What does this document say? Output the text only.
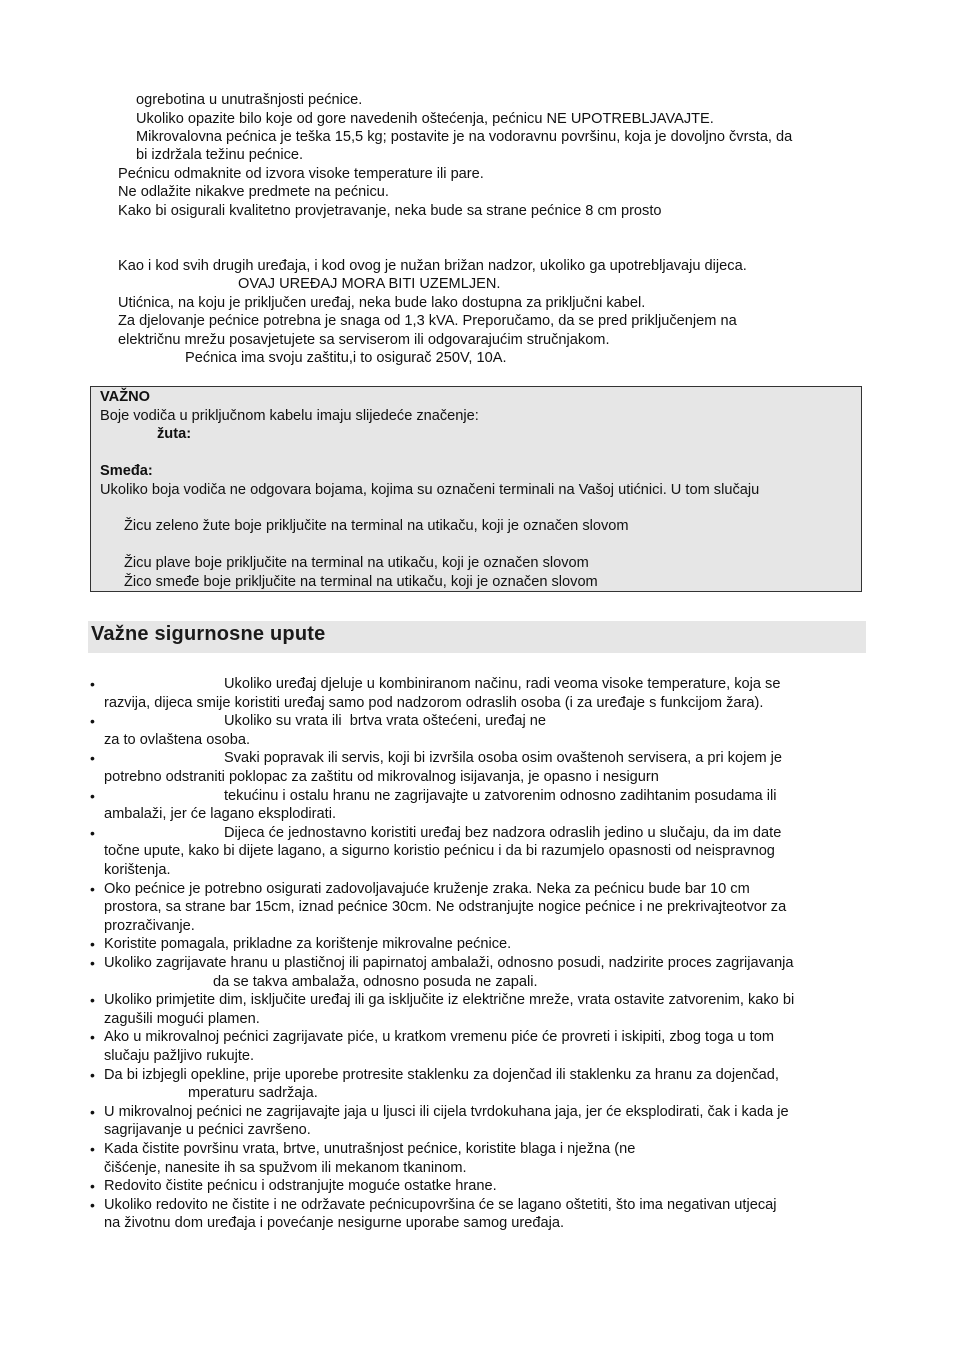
ogrebotina u unutrašnjosti pećnice.
Ukoliko opazite bilo koje od gore navedenih oštećenja, pećnicu NE UPOTREBLJAVAJTE.
Mikrovalovna pećnica je teška 15,5 kg; postavite je na vodoravnu površinu, koja je dovoljno čvrsta, da
bi izdržala težinu pećnice.
Pećnicu odmaknite od izvora visoke temperature ili pare.
Ne odlažite nikakve predmete na pećnicu.
Kako bi osigurali kvalitetno provjetravanje, neka bude sa strane pećnice 8 cm prosto
Kao i kod svih drugih uređaja, i kod ovog je nužan brižan nadzor, ukoliko ga upotrebljavaju dijeca.
OVAJ UREĐAJ MORA BITI UZEMLJEN.
Utićnica, na koju je priključen uređaj, neka bude lako dostupna za priključni kabel.
Za djelovanje pećnice potrebna je snaga od 1,3 kVA. Preporučamo, da se pred priključenjem na
električnu mrežu posavjetujete sa serviserom ili odgovarajućim stručnjakom.
Pećnica ima svoju zaštitu,i to osigurač 250V, 10A.
VAŽNO
Boje vodiča u priključnom kabelu imaju slijedeće značenje:
žuta:
Smeđa:
Ukoliko boja vodiča ne odgovara bojama, kojima su označeni terminali na Vašoj utićnici. U tom slučaju
Žicu zeleno žute boje priključite na terminal na utikaču, koji je označen slovom
Žicu plave boje priključite na terminal na utikaču, koji je označen slovom
Žico smeđe boje priključite na terminal na utikaču, koji je označen slovom
Važne sigurnosne upute
•	Ukoliko uređaj djeluje u kombiniranom načinu, radi veoma visoke temperature, koja se
razvija, dijeca smije koristiti uređaj samo pod nadzorom odraslih osoba (i za uređaje s funkcijom žara).
•	Ukoliko su vrata ili  brtva vrata oštećeni, uređaj ne
za to ovlaštena osoba.
•	Svaki popravak ili servis, koji bi izvršila osoba osim ovaštenoh servisera, a pri kojem je
potrebno odstraniti poklopac za zaštitu od mikrovalnog isijavanja, je opasno i nesigurn
•	tekućinu i ostalu hranu ne zagrijavajte u zatvorenim odnosno zadihtanim posudama ili
ambalaži, jer će lagano eksplodirati.
•	Dijeca će jednostavno koristiti uređaj bez nadzora odraslih jedino u slučaju, da im date
točne upute, kako bi dijete lagano, a sigurno koristio pećnicu i da bi razumjelo opasnosti od neispravnog
korištenja.
• Oko pećnice je potrebno osigurati zadovoljavajuće kruženje zraka. Neka za pećnicu bude bar 10 cm
prostora, sa strane bar 15cm, iznad pećnice 30cm. Ne odstranjujte nogice pećnice i ne prekrivajteotvor za
prozračivanje.
• Koristite pomagala, prikladne za korištenje mikrovalne pećnice.
• Ukoliko zagrijavate hranu u plastičnoj ili papirnatoj ambalaži, odnosno posudi, nadzirite proces zagrijavanja
da se takva ambalaža, odnosno posuda ne zapali.
• Ukoliko primjetite dim, isključite uređaj ili ga isključite iz električne mreže, vrata ostavite zatvorenim, kako bi
zagušili mogući plamen.
• Ako u mikrovalnoj pećnici zagrijavate piće, u kratkom vremenu piće će provreti i iskipiti, zbog toga u tom
slučaju pažljivo rukujte.
• Da bi izbjegli opekline, prije uporebe protresite staklenku za dojenčad ili staklenku za hranu za dojenčad,
mperaturu sadržaja.
• U mikrovalnoj pećnici ne zagrijavajte jaja u ljusci ili cijela tvrdokuhana jaja, jer će eksplodirati, čak i kada je
sagrijavanje u pećnici završeno.
• Kada čistite površinu vrata, brtve, unutrašnjost pećnice, koristite blaga i nježna (ne
čišćenje, nanesite ih sa spužvom ili mekanom tkaninom.
• Redovito čistite pećnicu i odstranjujte moguće ostatke hrane.
• Ukoliko redovito ne čistite i ne održavate pećnicupovršina će se lagano oštetiti, što ima negativan utjecaj
na životnu dom uređaja i povećanje nesigurne uporabe samog uređaja.
